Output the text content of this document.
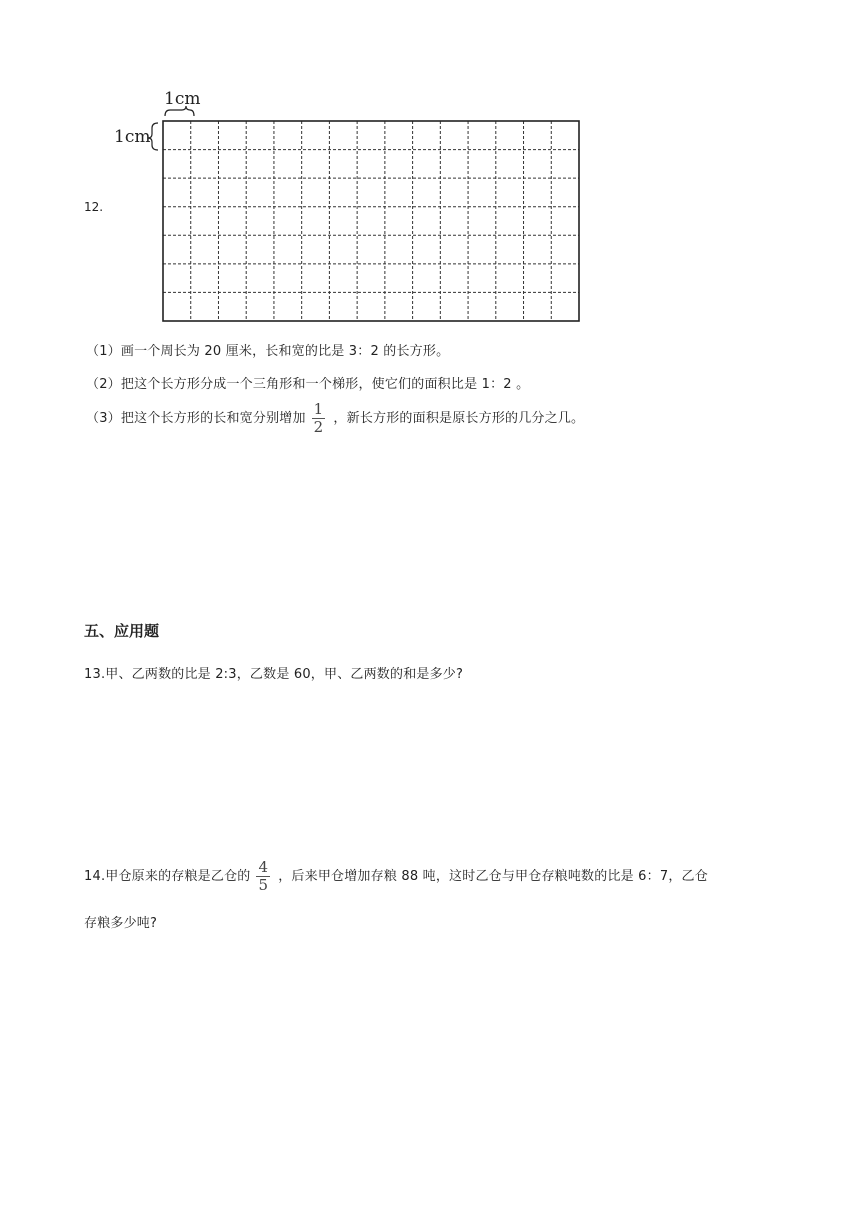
12.
1cm
1cm
（1）画一个周长为 20 厘米，长和宽的比是 3：2 的长方形。
（2）把这个长方形分成一个三角形和一个梯形，使它们的面积比是 1：2 。
（3）把这个长方形的长和宽分别增加 $\frac{1}{2}$ ，新长方形的面积是原长方形的几分之几。
五、应用题
13.甲、乙两数的比是 2:3，乙数是 60，甲、乙两数的和是多少?
14.甲仓原来的存粮是乙仓的 $\frac{4}{5}$ ，后来甲仓增加存粮 88 吨，这时乙仓与甲仓存粮吨数的比是 6：7，乙仓
存粮多少吨?
